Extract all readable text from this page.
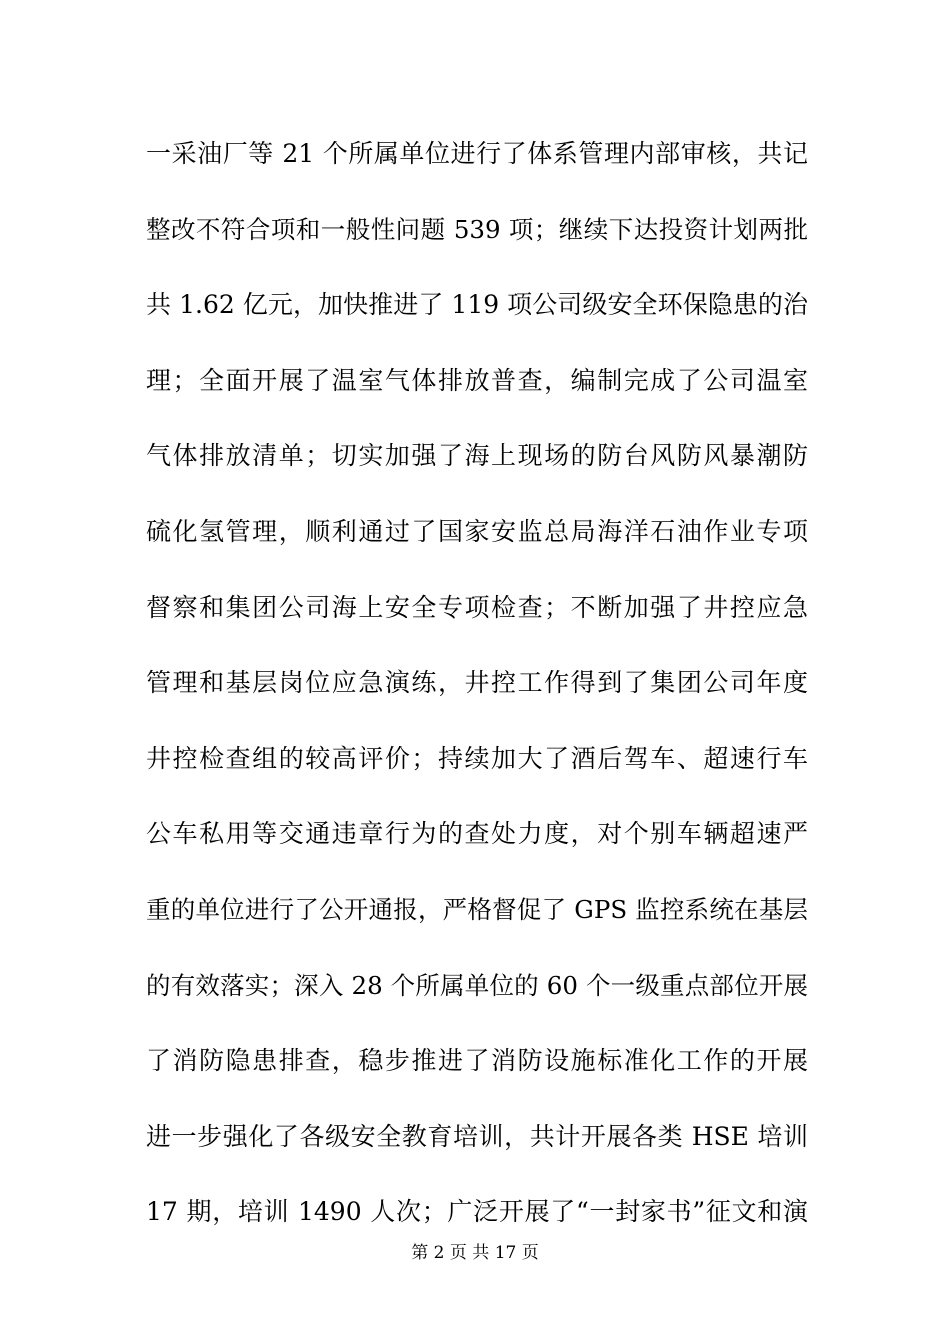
一采油厂等 21 个所属单位进行了体系管理内部审核，共记
整改不符合项和一般性问题 539 项；继续下达投资计划两批
共 1.62 亿元，加快推进了 119 项公司级安全环保隐患的治
理；全面开展了温室气体排放普查，编制完成了公司温室
气体排放清单；切实加强了海上现场的防台风防风暴潮防
硫化氢管理，顺利通过了国家安监总局海洋石油作业专项
督察和集团公司海上安全专项检查；不断加强了井控应急
管理和基层岗位应急演练，井控工作得到了集团公司年度
井控检查组的较高评价；持续加大了酒后驾车、超速行车
公车私用等交通违章行为的查处力度，对个别车辆超速严
重的单位进行了公开通报，严格督促了 GPS 监控系统在基层
的有效落实；深入 28 个所属单位的 60 个一级重点部位开展
了消防隐患排查，稳步推进了消防设施标准化工作的开展
进一步强化了各级安全教育培训，共计开展各类 HSE 培训
17 期，培训 1490 人次；广泛开展了“一封家书”征文和演
第 2 页 共 17 页
